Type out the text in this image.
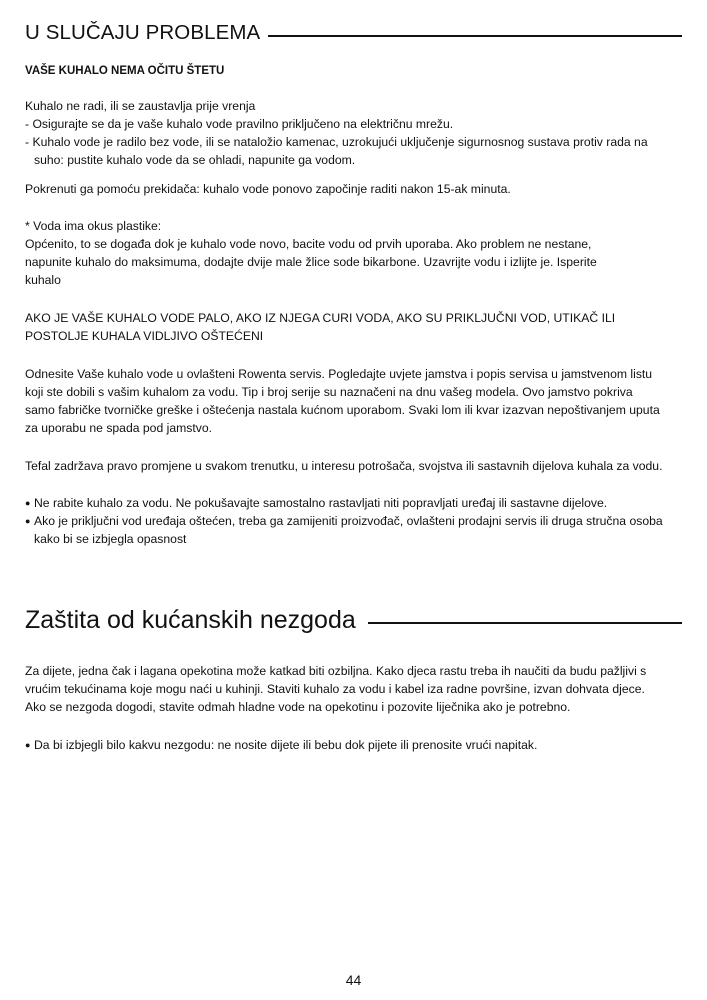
U SLUČAJU PROBLEMA

VAŠE KUHALO NEMA OČITU ŠTETU

Kuhalo ne radi, ili se zaustavlja prije vrenja
- Osigurajte se da je vaše kuhalo vode pravilno priključeno na električnu mrežu.
- Kuhalo vode je radilo bez vode, ili se nataložio kamenac, uzrokujući uključenje sigurnosnog sustava protiv rada na
suho: pustite kuhalo vode da se ohladi, napunite ga vodom.

Pokrenuti ga pomoću prekidača: kuhalo vode ponovo započinje raditi nakon 15-ak minuta.

* Voda ima okus plastike:
Općenito, to se događa dok je kuhalo vode novo, bacite vodu od prvih uporaba. Ako problem ne nestane,
napunite kuhalo do maksimuma, dodajte dvije male žlice sode bikarbone. Uzavrijte vodu i izlijte je. Isperite
kuhalo
AKO JE VAŠE KUHALO VODE PALO, AKO IZ NJEGA CURI VODA, AKO SU PRIKLJUČNI VOD, UTIKAČ ILI
POSTOLJE KUHALA VIDLJIVO OŠTEĆENI
Odnesite Vaše kuhalo vode u ovlašteni Rowenta servis. Pogledajte uvjete jamstva i popis servisa u jamstvenom listu
koji ste dobili s vašim kuhalom za vodu. Tip i broj serije su naznačeni na dnu vašeg modela. Ovo jamstvo pokriva
samo fabričke tvorničke greške i oštećenja nastala kućnom uporabom. Svaki lom ili kvar izazvan nepoštivanjem uputa
za uporabu ne spada pod jamstvo.

Tefal zadržava pravo promjene u svakom trenutku, u interesu potrošača, svojstva ili sastavnih dijelova kuhala za vodu.

● Ne rabite kuhalo za vodu. Ne pokušavajte samostalno rastavljati niti popravljati uređaj ili sastavne dijelove.
● Ako je priključni vod uređaja oštećen, treba ga zamijeniti proizvođač, ovlašteni prodajni servis ili druga stručna osoba
kako bi se izbjegla opasnost
Zaštita od kućanskih nezgoda
Za dijete, jedna čak i lagana opekotina može katkad biti ozbiljna. Kako djeca rastu treba ih naučiti da budu pažljivi s
vrućim tekućinama koje mogu naći u kuhinji. Staviti kuhalo za vodu i kabel iza radne površine, izvan dohvata djece.
Ako se nezgoda dogodi, stavite odmah hladne vode na opekotinu i pozovite liječnika ako je potrebno.
● Da bi izbjegli bilo kakvu nezgodu: ne nosite dijete ili bebu dok pijete ili prenosite vrući napitak.
44
